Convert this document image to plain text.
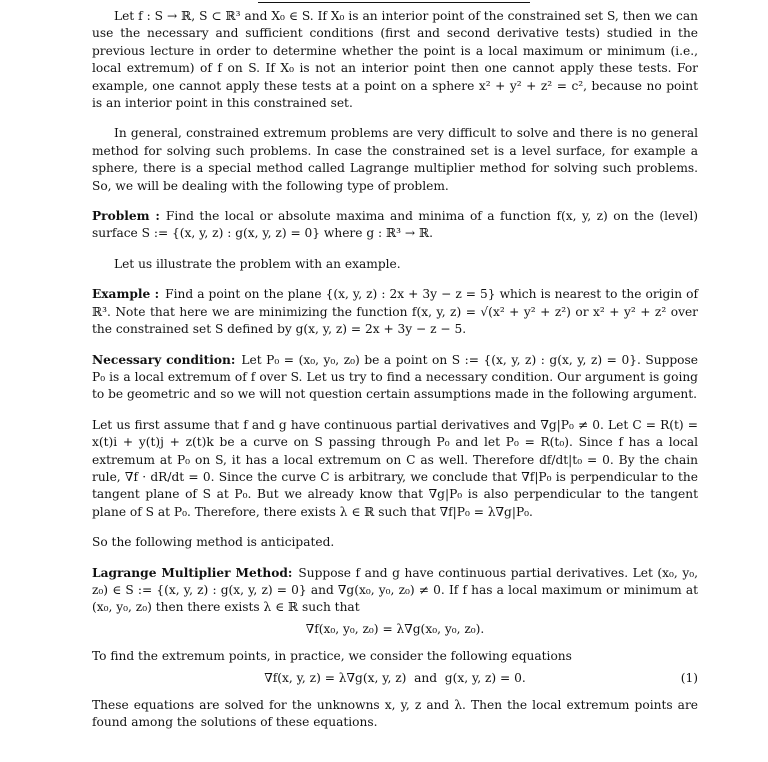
Let f : S → ℝ, S ⊂ ℝ³ and X₀ ∈ S. If X₀ is an interior point of the constrained set S, then we can use the necessary and sufficient conditions (first and second derivative tests) studied in the previous lecture in order to determine whether the point is a local maximum or minimum (i.e., local extremum) of f on S. If X₀ is not an interior point then one cannot apply these tests. For example, one cannot apply these tests at a point on a sphere x² + y² + z² = c², because no point is an interior point in this constrained set.

In general, constrained extremum problems are very difficult to solve and there is no general method for solving such problems. In case the constrained set is a level surface, for example a sphere, there is a special method called Lagrange multiplier method for solving such problems. So, we will be dealing with the following type of problem.

Problem : Find the local or absolute maxima and minima of a function f(x, y, z) on the (level) surface S := {(x, y, z) : g(x, y, z) = 0} where g : ℝ³ → ℝ.

Let us illustrate the problem with an example.

Example : Find a point on the plane {(x, y, z) : 2x + 3y − z = 5} which is nearest to the origin of ℝ³. Note that here we are minimizing the function f(x, y, z) = √(x² + y² + z²) or x² + y² + z² over the constrained set S defined by g(x, y, z) = 2x + 3y − z − 5.

Necessary condition: Let P₀ = (x₀, y₀, z₀) be a point on S := {(x, y, z) : g(x, y, z) = 0}. Suppose P₀ is a local extremum of f over S. Let us try to find a necessary condition. Our argument is going to be geometric and so we will not question certain assumptions made in the following argument.

Let us first assume that f and g have continuous partial derivatives and ∇g|P₀ ≠ 0. Let C = R(t) = x(t)i + y(t)j + z(t)k be a curve on S passing through P₀ and let P₀ = R(t₀). Since f has a local extremum at P₀ on S, it has a local extremum on C as well. Therefore df/dt|t₀ = 0. By the chain rule, ∇f · dR/dt = 0. Since the curve C is arbitrary, we conclude that ∇f|P₀ is perpendicular to the tangent plane of S at P₀. But we already know that ∇g|P₀ is also perpendicular to the tangent plane of S at P₀. Therefore, there exists λ ∈ ℝ such that ∇f|P₀ = λ∇g|P₀.

So the following method is anticipated.

Lagrange Multiplier Method: Suppose f and g have continuous partial derivatives. Let (x₀, y₀, z₀) ∈ S := {(x, y, z) : g(x, y, z) = 0} and ∇g(x₀, y₀, z₀) ≠ 0. If f has a local maximum or minimum at (x₀, y₀, z₀) then there exists λ ∈ ℝ such that

∇f(x₀, y₀, z₀) = λ∇g(x₀, y₀, z₀).

To find the extremum points, in practice, we consider the following equations

∇f(x, y, z) = λ∇g(x, y, z)  and  g(x, y, z) = 0.	(1)

These equations are solved for the unknowns x, y, z and λ. Then the local extremum points are found among the solutions of these equations.
